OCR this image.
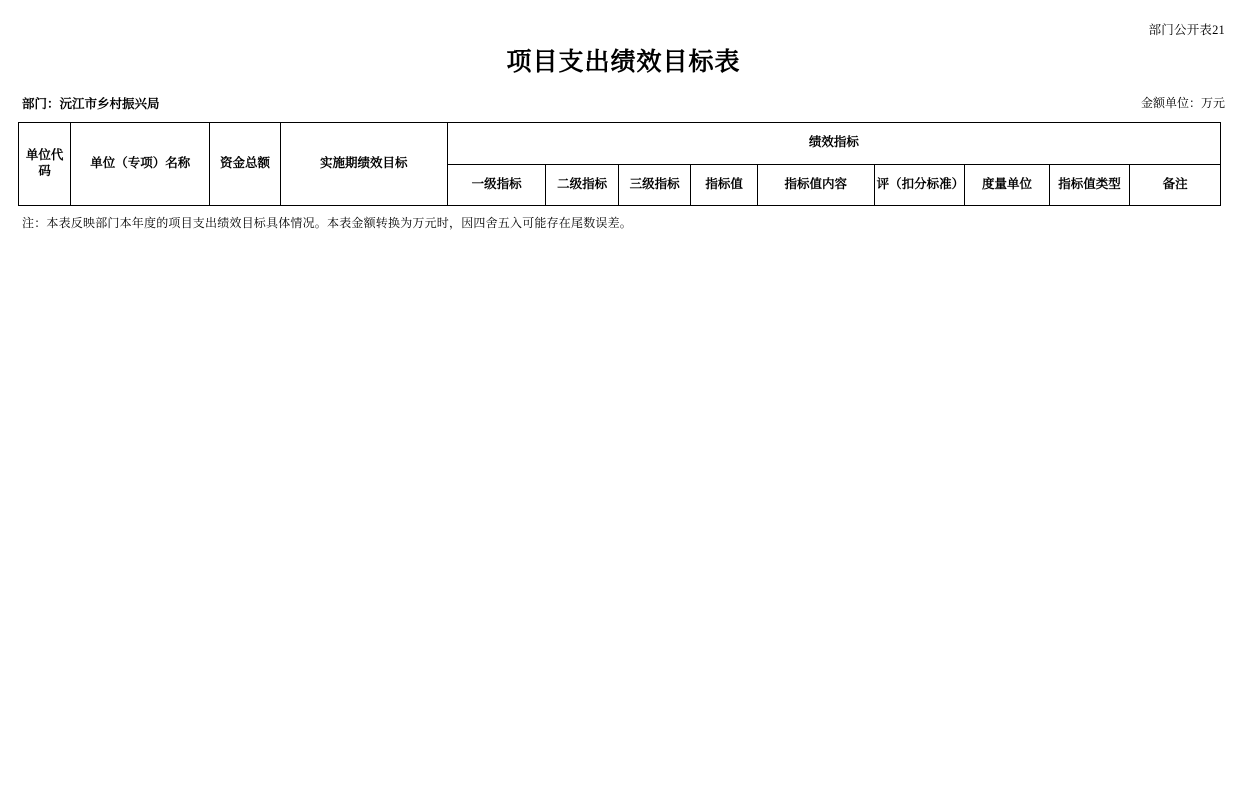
部门公开表21
项目支出绩效目标表
部门：沅江市乡村振兴局	金额单位：万元
单位代码	单位（专项）名称	资金总额	实施期绩效目标	绩效指标								
				一级指标	二级指标	三级指标	指标值	指标值内容	评（扣分标准）	度量单位	指标值类型	备注
注：本表反映部门本年度的项目支出绩效目标具体情况。本表金额转换为万元时，因四舍五入可能存在尾数误差。
